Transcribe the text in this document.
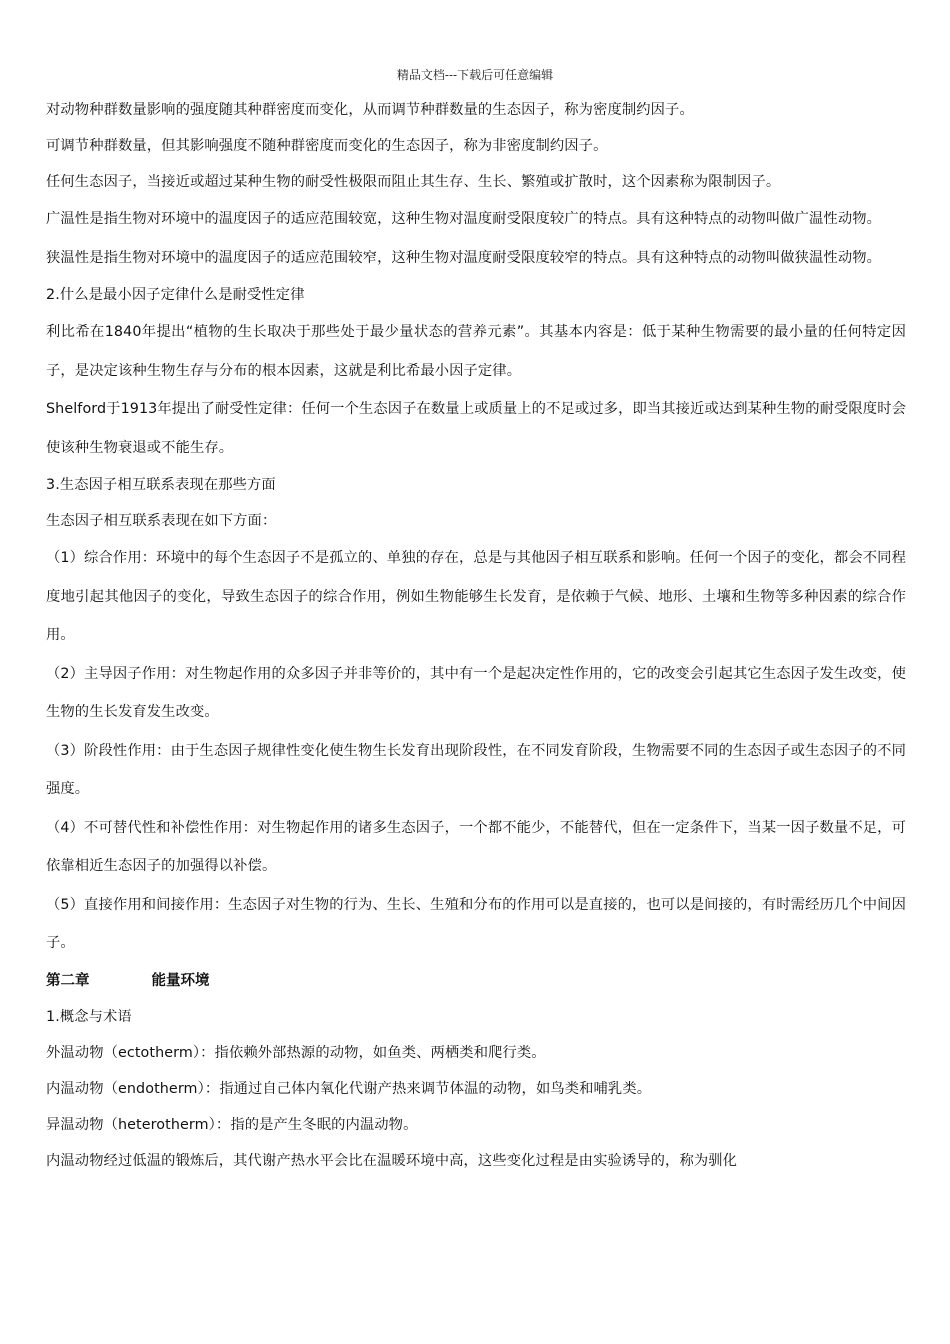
精品文档---下载后可任意编辑

对动物种群数量影响的强度随其种群密度而变化，从而调节种群数量的生态因子，称为密度制约因子。

可调节种群数量，但其影响强度不随种群密度而变化的生态因子，称为非密度制约因子。

任何生态因子，当接近或超过某种生物的耐受性极限而阻止其生存、生长、繁殖或扩散时，这个因素称为限制因子。

广温性是指生物对环境中的温度因子的适应范围较宽，这种生物对温度耐受限度较广的特点。具有这种特点的动物叫做广温性动物。

狭温性是指生物对环境中的温度因子的适应范围较窄，这种生物对温度耐受限度较窄的特点。具有这种特点的动物叫做狭温性动物。

2.什么是最小因子定律什么是耐受性定律

利比希在1840年提出“植物的生长取决于那些处于最少量状态的营养元素”。其基本内容是：低于某种生物需要的最小量的任何特定因子，是决定该种生物生存与分布的根本因素，这就是利比希最小因子定律。

Shelford于1913年提出了耐受性定律：任何一个生态因子在数量上或质量上的不足或过多，即当其接近或达到某种生物的耐受限度时会使该种生物衰退或不能生存。

3.生态因子相互联系表现在那些方面

生态因子相互联系表现在如下方面：

（1）综合作用：环境中的每个生态因子不是孤立的、单独的存在，总是与其他因子相互联系和影响。任何一个因子的变化，都会不同程度地引起其他因子的变化，导致生态因子的综合作用，例如生物能够生长发育，是依赖于气候、地形、土壤和生物等多种因素的综合作用。

（2）主导因子作用：对生物起作用的众多因子并非等价的，其中有一个是起决定性作用的，它的改变会引起其它生态因子发生改变，使生物的生长发育发生改变。

（3）阶段性作用：由于生态因子规律性变化使生物生长发育出现阶段性，在不同发育阶段，生物需要不同的生态因子或生态因子的不同强度。

（4）不可替代性和补偿性作用：对生物起作用的诸多生态因子，一个都不能少，不能替代，但在一定条件下，当某一因子数量不足，可依靠相近生态因子的加强得以补偿。

（5）直接作用和间接作用：生态因子对生物的行为、生长、生殖和分布的作用可以是直接的，也可以是间接的，有时需经历几个中间因子。

第二章	能量环境

1.概念与术语

外温动物（ectotherm）：指依赖外部热源的动物，如鱼类、两栖类和爬行类。

内温动物（endotherm）：指通过自己体内氧化代谢产热来调节体温的动物，如鸟类和哺乳类。

异温动物（heterotherm）：指的是产生冬眠的内温动物。

内温动物经过低温的锻炼后，其代谢产热水平会比在温暖环境中高，这些变化过程是由实验诱导的，称为驯化
